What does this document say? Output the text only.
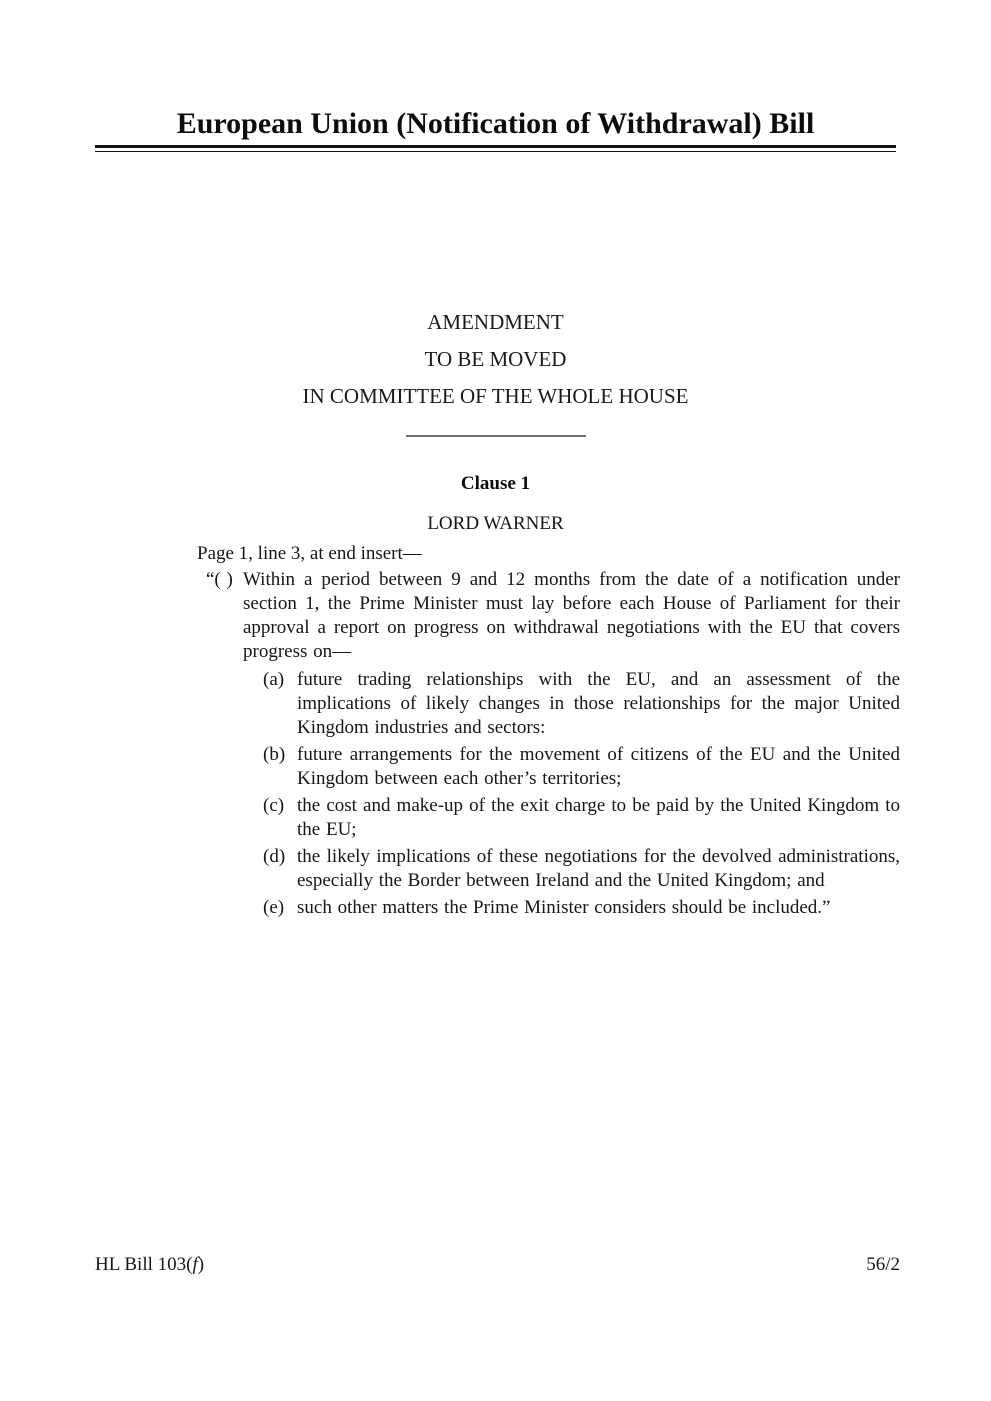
European Union (Notification of Withdrawal) Bill
AMENDMENT
TO BE MOVED
IN COMMITTEE OF THE WHOLE HOUSE
Clause 1
LORD WARNER
Page 1, line 3, at end insert—
“( ) Within a period between 9 and 12 months from the date of a notification under section 1, the Prime Minister must lay before each House of Parliament for their approval a report on progress on withdrawal negotiations with the EU that covers progress on—
(a) future trading relationships with the EU, and an assessment of the implications of likely changes in those relationships for the major United Kingdom industries and sectors:
(b) future arrangements for the movement of citizens of the EU and the United Kingdom between each other’s territories;
(c) the cost and make-up of the exit charge to be paid by the United Kingdom to the EU;
(d) the likely implications of these negotiations for the devolved administrations, especially the Border between Ireland and the United Kingdom; and
(e) such other matters the Prime Minister considers should be included.”
HL Bill 103(f)	56/2
